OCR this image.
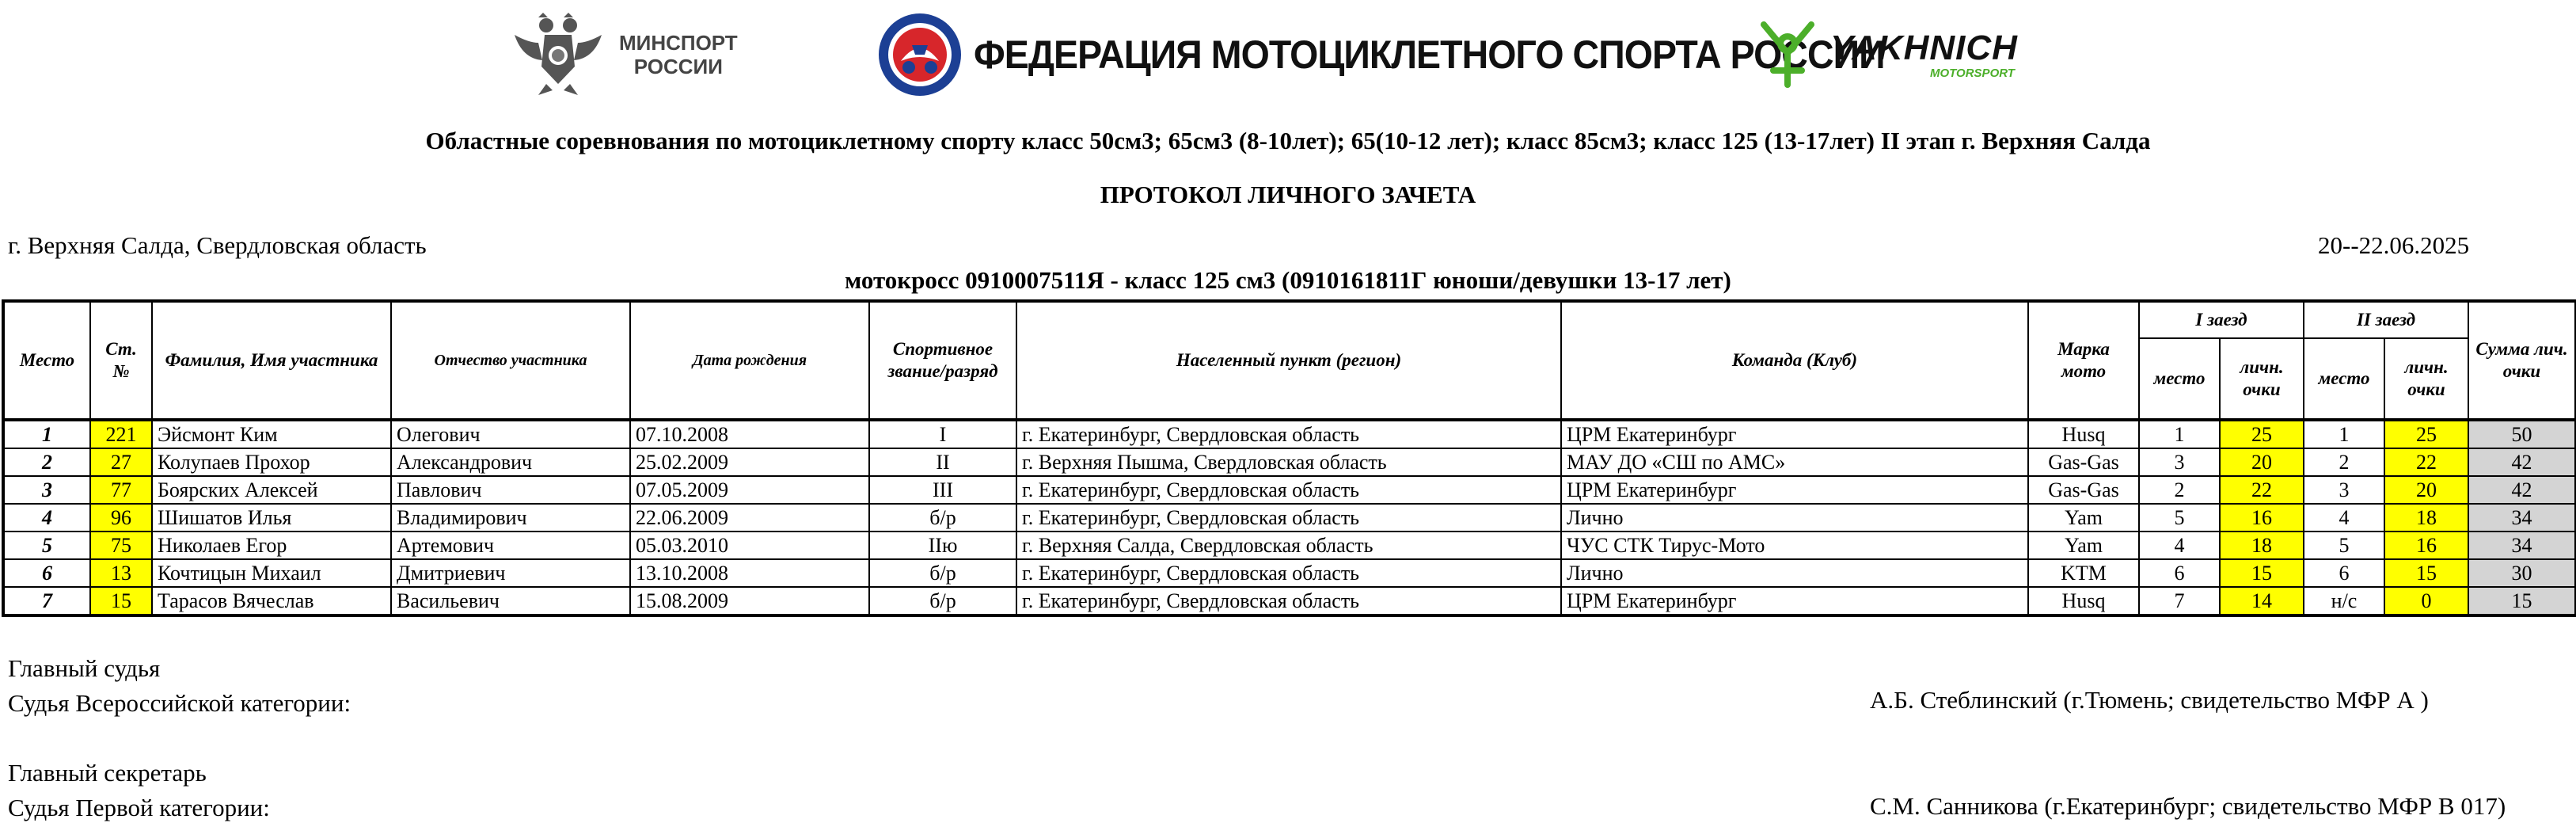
МИНСПОРТ
РОССИИ	ФЕДЕРАЦИЯ МОТОЦИКЛЕТНОГО СПОРТА РОССИИ
YAKHNICH
MOTORSPORT
Областные соревнования по мотоциклетному спорту класс 50см3; 65см3 (8-10лет); 65(10-12 лет); класс 85см3; класс 125 (13-17лет) II этап г. Верхняя Салда
ПРОТОКОЛ ЛИЧНОГО ЗАЧЕТА
г. Верхняя Салда, Свердловская область	20--22.06.2025
мотокросс 0910007511Я - класс 125 см3 (0910161811Г юноши/девушки 13-17 лет)
Место	Ст. №	Фамилия, Имя участника	Отчество участника	Дата рождения	Спортивное звание/разряд	Населенный пункт (регион)	Команда (Клуб)	Марка мото	I заезд		II заезд		Сумма лич. очки
									место	личн. очки	место	личн. очки	
1	221	Эйсмонт Ким	Олегович	07.10.2008	I	г. Екатеринбург, Свердловская область	ЦРМ Екатеринбург	Husq	1	25	1	25	50
2	27	Колупаев Прохор	Александрович	25.02.2009	II	г. Верхняя Пышма, Свердловская область	МАУ ДО «СШ по АМС»	Gas-Gas	3	20	2	22	42
3	77	Боярских Алексей	Павлович	07.05.2009	III	г. Екатеринбург, Свердловская область	ЦРМ Екатеринбург	Gas-Gas	2	22	3	20	42
4	96	Шишатов Илья	Владимирович	22.06.2009	б/р	г. Екатеринбург, Свердловская область	Лично	Yam	5	16	4	18	34
5	75	Николаев Егор	Артемович	05.03.2010	IIю	г. Верхняя Салда, Свердловская область	ЧУС СТК Тирус-Мото	Yam	4	18	5	16	34
6	13	Кочтицын Михаил	Дмитриевич	13.10.2008	б/р	г. Екатеринбург, Свердловская область	Лично	KTM	6	15	6	15	30
7	15	Тарасов Вячеслав	Васильевич	15.08.2009	б/р	г. Екатеринбург, Свердловская область	ЦРМ Екатеринбург	Husq	7	14	н/с	0	15
Главный судья
Судья Всероссийской категории:	А.Б. Стеблинский (г.Тюмень; свидетельство МФР А )
Главный секретарь
Судья Первой категории:	С.М. Санникова (г.Екатеринбург; свидетельство МФР В 017)
